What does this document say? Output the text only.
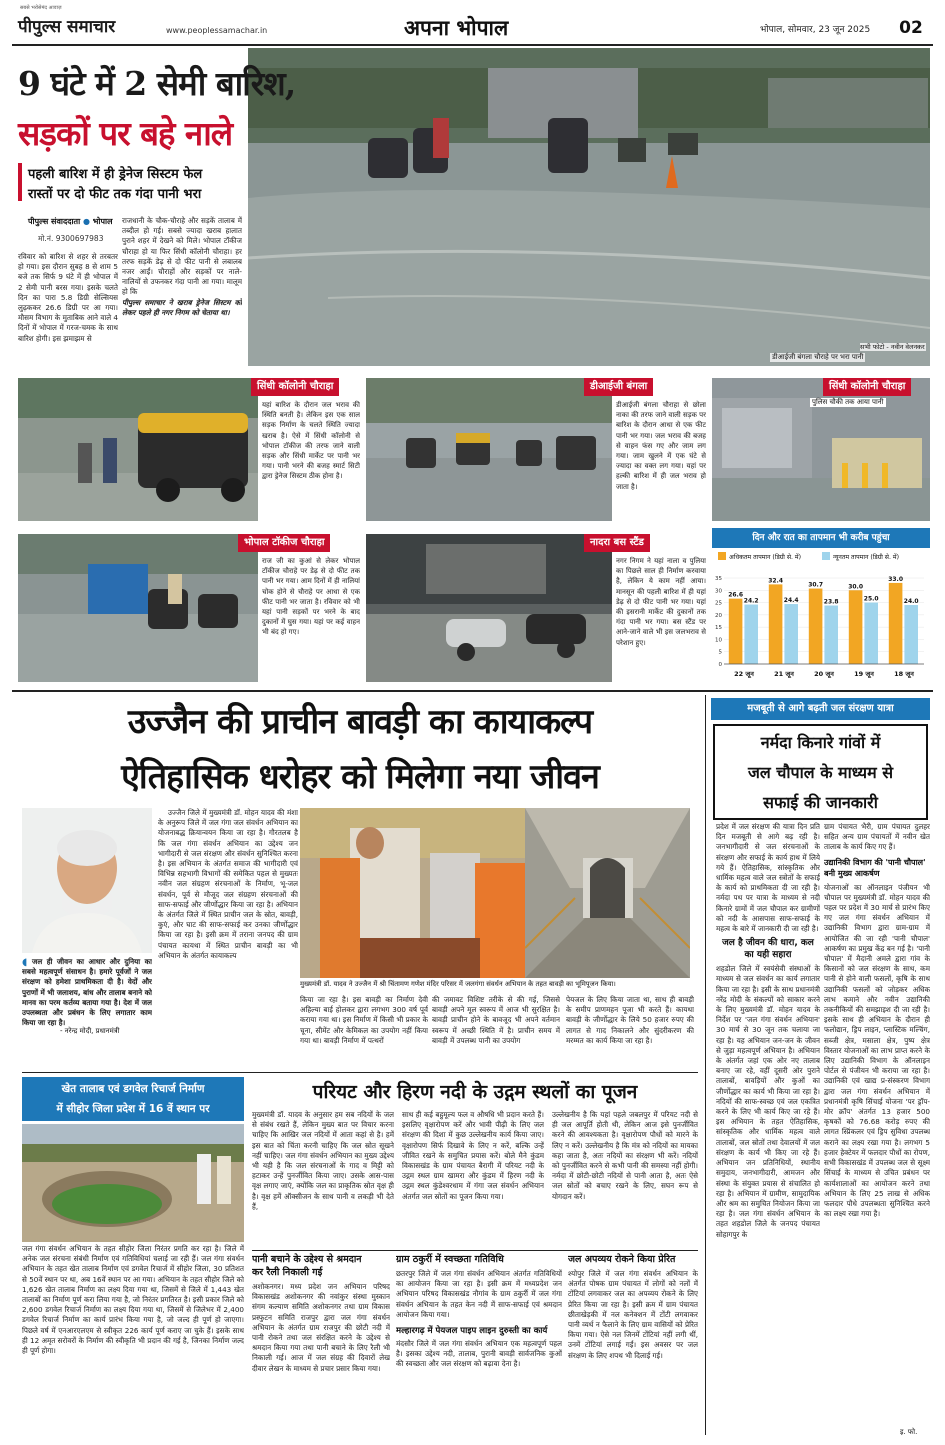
पीपुल्स समाचार
सबसे भरोसेमंद आवाज़
www.peoplessamachar.in	अपना भोपाल	भोपाल, सोमवार, 23 जून 2025	02
डीआईजी बंगला चौराहे पर भरा पानी
सभी फोटो - नवीन वेलनकर
9 घंटे में 2 सेमी बारिश,
सड़कों पर बहे नाले
पहली बारिश में ही ड्रेनेज सिस्टम फेल
रास्तों पर दो फीट तक गंदा पानी भरा
पीपुल्स संवाददाता ● भोपाल
मो.नं. 9300697983
रविवार को बारिश से शहर से तरबतर हो गया। इस दौरान सुबह 8 से शाम 5 बजे तक सिर्फ 9 घंटे में ही भोपाल में 2 सेमी पानी बरस गया। इसके चलते दिन का पारा 5.8 डिग्री सेल्सियस लुढ़ककर 26.6 डिग्री पर आ गया। मौसम विभाग के मुताबिक आने वाले 4 दिनों में भोपाल में गरज-चमक के साथ बारिश होगी। इस झमाझम से
राजधानी के चौक-चौराहे और सड़कें तालाब में तब्दील हो गई। सबसे ज्यादा खराब हालात पुराने शहर में देखने को मिले। भोपाल टॉकीज चौराहा हो या फिर सिंधी कॉलोनी चौराहा। हर तरफ सड़कें डेढ़ से दो फीट पानी से लबालब नजर आईं। चौराहों और सड़कों पर नाले-नालियों से उफनकर गंदा पानी आ गया। मालूम हो कि
पीपुल्स समाचार ने खराब ड्रेनेज सिस्टम को लेकर पहले ही नगर निगम को चेताया था।
सिंधी कॉलोनी चौराहा
यहां बारिश के दौरान जल भराव की स्थिति बनती है। लेकिन इस एक साल सड़क निर्माण के चलते स्थिति ज्यादा खराब है। ऐसे में सिंधी कॉलोनी से भोपाल टॉकीज की तरफ जाने वाली सड़क और सिंधी मार्केट पर पानी भर गया। पानी भरने की बजह स्मार्ट सिटी द्वारा ड्रेनेज सिस्टम ठीक होना है।
डीआईजी बंगला
डीआईजी बंगला चौराहा से छोला नाका की तरफ जाने वाली सड़क पर बारिश के दौरान आधा से एक फीट पानी भर गया। जल भराव की बजह से वाहन फंस गए और जाम लग गया। जाम खुलने में एक घंटे से ज्यादा का वक्त लग गया। यहां पर हल्की बारिश में ही जल भराव हो जाता है।
सिंधी कॉलोनी चौराहा
पुलिस चौकी तक आया पानी
भोपाल टॉकीज चौराहा
राज जी का कुआं से लेकर भोपाल टॉकीज चौराहे पर डेढ़ से दो फीट तक पानी भर गया। आम दिनों में ही नालियां चोक होने से चौराहे पर आधा से एक फीट पानी भर जाता है। रविवार को भी यहां पानी सड़कों पर भरने के बाद दुकानों में घुस गया। यहां पर कई वाहन भी बंद हो गए।
नादरा बस स्टैंड
नगर निगम ने यहां नाला व पुलिया का पिछले साल ही निर्माण करवाया है, लेकिन ये काम नहीं आया। मानसून की पहली बारिश में ही यहां डेढ़ से दो फीट पानी भर गया। यहां की इसरानी मार्केट की दुकानों तक गंदा पानी भर गया। बस स्टैंड पर आने-जाने वाले भी इस जलभराव से परेशान हुए।
दिन और रात का तापमान भी करीब पहुंचा
अधिकतम तापमान (डिग्री से. में)	न्यूनतम तापमान (डिग्री से. में)
0
5
10
15
20
25
30
35
26.6
24.2
22 जून
32.4
24.4
21 जून
30.7
23.8
20 जून
30.0
25.0
19 जून
33.0
24.0
18 जून
उज्जैन की प्राचीन बावड़ी का कायाकल्प
ऐतिहासिक धरोहर को मिलेगा नया जीवन
◖ जल ही जीवन का आधार और दुनिया का सबसे महत्वपूर्ण संसाधन है। हमारे पूर्वजों ने जल संरक्षण को हमेशा प्राथमिकता दी है। वेदों और पुराणों में भी जलाशय, बांध और तालाब बनाने को मानव का परम कर्तव्य बताया गया है। देश में जल उपलब्धता और प्रबंधन के लिए लगातार काम किया जा रहा है।
- नरेन्द्र मोदी, प्रधानमंत्री
उज्जैन जिले में मुख्यमंत्री डॉ. मोहन यादव की मंशा के अनुरूप जिले में जल गंगा जल संवर्धन अभियान का योजनाबद्ध क्रियान्वयन किया जा रहा है। गौरतलब है कि जल गंगा संवर्धन अभियान का उद्देश्य जन भागीदारी से जल संरक्षण और संवर्धन सुनिश्चित करना है। इस अभियान के अंतर्गत समाज की भागीदारी एवं विभिन्न सहभागी विभागों की समेकित पहल से मुख्यतः नवीन जल संग्रहण संरचनाओं के निर्माण, भू-जल संवर्धन, पूर्व से मौजूद जल संग्रहण संरचनाओं की साफ-सफाई और जीर्णोद्धार किया जा रहा है। अभियान के अंतर्गत जिले में स्थित प्राचीन जल के स्रोत, बावड़ी, कुएं, और घाट की साफ-सफाई कर उनका जीर्णोद्धार किया जा रहा है। इसी क्रम में तराना जनपद की ग्राम पंचायत कायथा में स्थित प्राचीन बावड़ी का भी अभियान के अंतर्गत कायाकल्प
मुख्यमंत्री डॉ. यादव ने उज्जैन में श्री चिंतामण गणेश मंदिर परिसर में जलगंगा संवर्धन अभियान के तहत बावड़ी का भूमिपूजन किया।
किया जा रहा है। इस बावड़ी का निर्माण देवी अहिल्या बाई होलकर द्वारा लगभग 300 वर्ष पूर्व कराया गया था। इस निर्माण में किसी भी प्रकार के चूना, सीमेंट और केमिकल का उपयोग नहीं किया गया था। बावड़ी निर्माण में पत्थरों
की जमावट विशिष्ट तरीके से की गई, जिससे बावड़ी अपने मूल स्वरूप में आज भी सुरक्षित है। बावड़ी प्राचीन होने के बावजूद भी अपने वर्तमान स्वरूप में अच्छी स्थिति में है। प्राचीन समय में बावड़ी में उपलब्ध पानी का उपयोग
पेयजल के लिए किया जाता था, साथ ही बावड़ी के समीप प्राणमहन पूजा भी करते हैं। कायथा बावड़ी के जीर्णोद्धार के लिये 50 हजार रुपए की लागत से गाद निकालने और सुंदरीकरण की मरम्मत का कार्य किया जा रहा है।
मजबूती से आगे बढ़ती जल संरक्षण यात्रा
नर्मदा किनारे गांवों में
जल चौपाल के माध्यम से
सफाई की जानकारी
प्रदेश में जल संरक्षण की यात्रा दिन प्रति दिन मजबूती से आगे बढ़ रही है। जनभागीदारी से जल संरचनाओं के संरक्षण और सफाई के कार्य हाथ में लिये गये हैं। ऐतिहासिक, सांस्कृतिक और धार्मिक महत्व वाले जल स्त्रोतों के सफाई के कार्य को प्राथमिकता दी जा रही है। नर्मदा पथ पर यात्रा के माध्यम से नदी किनारे ग्रामों में जल चौपाल कर ग्रामीणों को नदी के आसपास साफ-सफाई के महत्व के बारे में जानकारी दी जा रही है।
जल है जीवन की धारा, कल का यही सहारा
शहडोल जिले में स्वयंसेवी संस्थाओं के माध्यम से जल संवर्धन का कार्य लगातार किया जा रहा है। इसी के साथ प्रधानमंत्री नरेंद्र मोदी के संकल्पों को साकार करने के लिए मुख्यमंत्री डॉ. मोहन यादव के निर्देश पर 'जल गंगा संवर्धन अभियान' 30 मार्च से 30 जून तक चलाया जा रहा है। यह अभियान जन-जन के जीवन से जुड़ा महत्वपूर्ण अभियान है। अभियान के अंतर्गत जहां एक ओर नए तालाब बनाए जा रहे, वहीं दूसरी ओर पुराने तालाबों, बावड़ियों और कुओं का जीर्णोद्धार का कार्य भी किया जा रहा है। नदियों की साफ-स्वच्छ एवं जल एकत्रित करने के लिए भी कार्य किए जा रहे हैं। इस अभियान के तहत ऐतिहासिक, सांस्कृतिक और धार्मिक महत्व वाले तालाबों, जल स्रोतों तथा देवालयों में जल संरक्षण के कार्य भी किए जा रहे हैं। अभियान जन प्रतिनिधियों, स्थानीय समुदाय, जनभागीदारी, आमजन और संस्था के संयुक्त प्रयास से संचालित हो रहा है। अभियान में ग्रामीण, सामुदायिक और श्रम का समुचित नियोजन किया जा रहा है। जल गंगा संवर्धन अभियान के तहत शहडोल जिले के जनपद पंचायत सोहागपुर के
ग्राम पंचायत भैरी, ग्राम पंचायत दुलहर सहित अन्य ग्राम पंचायतों में नवीन खेत तालाब के कार्य किए गए हैं।
उद्यानिकी विभाग की 'पानी चौपाल' बनी मुख्य आकर्षण
योजनाओं का ऑनलाइन पंजीयन भी चौपाल पर मुख्यमंत्री डॉ. मोहन यादव की पहल पर प्रदेश में 30 मार्च से प्रारंभ किए गए जल गंगा संवर्धन अभियान में उद्यानिकी विभाग द्वारा ग्राम-ग्राम में आयोजित की जा रही 'पानी चौपाल' आकर्षण का प्रमुख केंद्र बन गई है। 'पानी चौपाल' में मैदानी अमले द्वारा गांव के किसानों को जल संरक्षण के साथ, कम पानी से होने वाली फसलों, कृषि के साथ उद्यानिकी फसलों को जोड़कर अधिक लाभ कमाने और नवीन उद्यानिकी तकनीकियों की समझाइश दी जा रही है। इसके साथ ही अभियान के दौरान ही फलोद्यान, ड्रिप लाइन, प्लास्टिक मल्चिंग, सब्जी क्षेत्र, मसाला क्षेत्र, पुष्प क्षेत्र विस्तार योजनाओं का लाभ प्राप्त करने के लिए उद्यानिकी विभाग के ऑनलाइन पोर्टल से पंजीयन भी कराया जा रहा है। उद्यानिकी एवं खाद्य प्र-संस्करण विभाग द्वारा जल गंगा संवर्धन अभियान में प्रधानमंत्री कृषि सिंचाई योजना 'पर ड्रॉप-मोर क्रॉप' अंतर्गत 13 हजार 500 कृषकों को 76.68 करोड़ रुपए की लागत स्प्रिंकलर एवं ड्रिप सुविधा उपलब्ध कराने का लक्ष्य रखा गया है। लगभग 5 हजार हेक्टेयर में फलदार पौधों का रोपण, सभी विकासखंड में उपलब्ध जल से सूक्ष्म सिंचाई के माध्यम से उचित प्रबंधन पर कार्यशालाओं का आयोजन करने तथा अभियान के लिए 25 लाख से अधिक फलदार पौधे उपलब्धता सुनिश्चित करने का लक्ष्य रखा गया है।
इ. फो.
खेत तालाब एवं डगवेल रिचार्ज निर्माण
में सीहोर जिला प्रदेश में 16 वें स्थान पर
जल गंगा संवर्धन अभियान के तहत सीहोर जिला निरंतर प्रगति कर रहा है। जिले में अनेक जल संरचना संबंधी निर्माण एवं गतिविधियां चलाई जा रही हैं। जल गंगा संवर्धन अभियान के तहत खेत तालाब निर्माण एवं डगवेल रिचार्ज में सीहोर जिला, 30 प्रतिशत से 50वें स्थान पर था, अब 16वें स्थान पर आ गया। अभियान के तहत सीहोर जिले को 1,626 खेत तालाब निर्माण का लक्ष्य दिया गया था, जिसमें से जिले में 1,443 खेत तालाबों का निर्माण पूर्ण करा लिया गया है, जो निरंतर प्रगतिरत है। इसी प्रकार जिले को 2,600 डगवेल रिचार्ज निर्माण का लक्ष्य दिया गया था, जिसमें से जिलेभर में 2,400 डगवेल रिचार्ज निर्माण का कार्य प्रारंभ किया गया है, जो जल्द ही पूर्ण हो जाएगा। पिछले वर्ष में एनआरएलएम से स्वीकृत 226 कार्य पूर्ण कराए जा चुके हैं। इसके साथ ही 12 अमृत सरोवरों के निर्माण की स्वीकृति भी प्रदान की गई है, जिनका निर्माण जल्द ही पूर्ण होगा।
परियट और हिरण नदी के उद्गम स्थलों का पूजन
मुख्यमंत्री डॉ. यादव के अनुसार हम सब नदियों के जल से संबंध रखते हैं, लेकिन मुख्य बात पर विचार करना चाहिए कि आखिर जल नदियों में आता कहां से है। हमें इस बात को चिंता करनी चाहिए कि जल स्रोत सूखने नहीं चाहिए। जल गंगा संवर्धन अभियान का मुख्य उद्देश्य भी यही है कि जल संरचनाओं के गाद व मिट्टी को हटाकर उन्हें पुनर्जीवित किया जाए। उसके आस-पास वृक्ष लगाए जाएं, क्योंकि जल का प्राकृतिक स्रोत वृक्ष ही है। वृक्ष हमें ऑक्सीजन के साथ पानी व लकड़ी भी देते हैं,
साथ ही कई बहुमूल्य फल व औषधि भी प्रदान करते हैं। इसलिए वृक्षारोपण करें और भावी पीढ़ी के लिए जल संरक्षण की दिशा में कुछ उल्लेखनीय कार्य किया जाए। वृक्षारोपण सिर्फ दिखावे के लिए न करें, बल्कि उन्हें जीवित रखने के समुचित प्रयास करें। बोले मैने कुंडम विकासखंड के ग्राम पंचायत बैरागी में परियट नदी के उद्गम स्थल ग्राम खामरा और कुंडम में हिरण नदी के उद्गम स्थल कुंडेश्वरधाम में गंगा जल संवर्धन अभियान अंतर्गत जल स्रोतों का पूजन किया गया।
उल्लेखनीय है कि यहां पहले जबलपुर में परियट नदी से ही जल आपूर्ति होती थी, लेकिन आज इसे पुनर्जीवित करने की आवश्यकता है। वृक्षारोपण पौधों को मारने के लिए न करें। उल्लेखनीय है कि मंत्र को नदियों का मायका कहा जाता है, अतः नदियों का संरक्षण भी करें। नदियों को पुनर्जीवित करने से कभी पानी की समस्या नहीं होगी। नर्मदा में छोटी-छोटी नदियों से पानी आता है, अतः ऐसे जल स्रोतों को बचाए रखने के लिए, सघन रूप से योगदान करें।
पानी बचाने के उद्देश्य से श्रमदान
कर रैली निकाली गई
अशोकनगर। मध्य प्रदेश जन अभियान परिषद विकासखंड अशोकनगर की नवांकुर संस्था मुस्कान संगम कल्याण समिति अशोकनगर तथा ग्राम विकास प्रस्फुटन समिति राजपुर द्वारा जल गंगा संवर्धन अभियान के अंतर्गत ग्राम राजपुर की छोटी नदी में पानी रोकने तथा जल संरक्षित करने के उद्देश्य से श्रमदान किया गया तथा पानी बचाने के लिए रैली भी निकाली गई। आज में जल संग्रह की दिवारों लेख दीवार लेखन के माध्यम से प्रचार प्रसार किया गया।
ग्राम ठकुर्री में स्वच्छता गतिविधि
छतरपुर जिले में जल गंगा संवर्धन अभियान अंतर्गत गतिविधियों का आयोजन किया जा रहा है। इसी क्रम में मध्यप्रदेश जन अभियान परिषद विकासखंड नौगांव के ग्राम ठकुर्री में जल गंगा संवर्धन अभियान के तहत केन नदी में साफ-सफाई एवं श्रमदान आयोजन किया गया।
मल्हारगढ़ में पेयजल पाइप लाइन दुरुस्ती का कार्य
मंदसौर जिले में जल गंगा संवर्धन अभियान एक महत्वपूर्ण पहल है। इसका उद्देश्य नदी, तालाब, पुरानी बावड़ी सार्वजनिक कुओं की स्वच्छता और जल संरक्षण को बढ़ावा देना है।
जल अपव्यय रोकने किया प्रेरित
श्योपुर जिले में जल गंगा संवर्धन अभियान के अंतर्गत पोषक ग्राम पंचायत में लोगों को नलों में टोंटियां लगवाकर जल का अपव्यय रोकने के लिए प्रेरित किया जा रहा है। इसी क्रम में ग्राम पंचायत छीताखेड़की में नल कनेक्शन में टोंटी लगवाकर पानी व्यर्थ न फैलाने के लिए ग्राम वासियों को प्रेरित किया गया। ऐसे नल जिनमें टोंटियां नहीं लगी थीं, उनमें टोंटियां लगाई गईं। इस अवसर पर जल संरक्षण के लिए शपथ भी दिलाई गई।
